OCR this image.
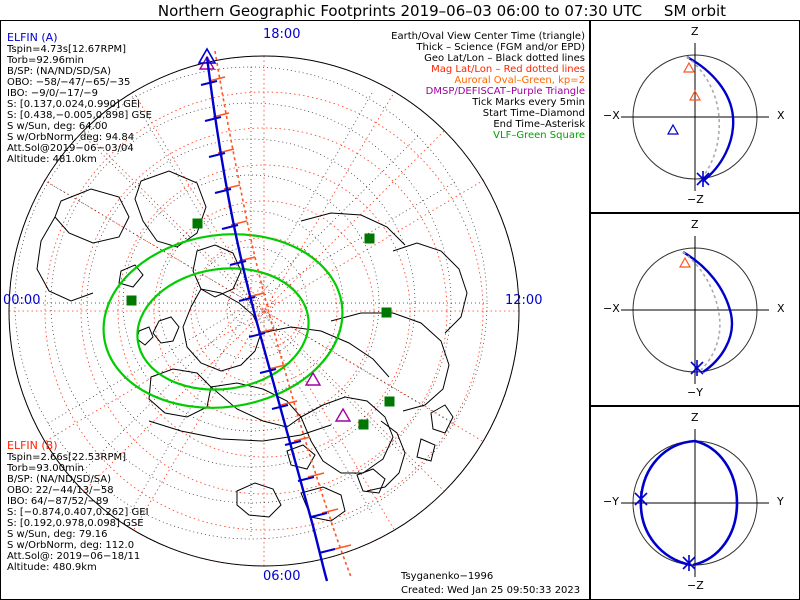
Northern Geographic Footprints 2019–06–03 06:00 to 07:30 UTC	SM orbit
18:00
12:00
06:00
00:00
Earth/Oval View Center Time (triangle)
Thick – Science (FGM and/or EPD)
Geo Lat/Lon – Black dotted lines
Mag Lat/Lon – Red dotted lines
Auroral Oval–Green, kp=2
DMSP/DEFISCAT–Purple Triangle
Tick Marks every 5min
Start Time–Diamond
End Time–Asterisk
VLF–Green Square
ELFIN (A)
Tspin=4.73s[12.67RPM]
Torb=92.96min
B/SP: (NA/ND/SD/SA)
OBO: −58/−47/−65/−35
IBO: −9/0/−17/−9
S: [0.137,0.024,0.990] GEI
S: [0.438,−0.005,0.898] GSE
S w/Sun, deg: 64.00
S w/OrbNorm, deg: 94.84
Att.Sol@2019−06−03/04
Altitude: 481.0km
ELFIN (B)
Tspin=2.66s[22.53RPM]
Torb=93.00min
B/SP: (NA/ND/SD/SA)
OBO: 22/−44/13/−58
IBO: 64/−87/52/−89
S: [−0.874,0.407,0.262] GEI
S: [0.192,0.978,0.098] GSE
S w/Sun, deg: 79.16
S w/OrbNorm, deg: 112.0
Att.Sol@: 2019−06−18/11
Altitude: 480.9km
Tsyganenko−1996
Created: Wed Jan 25 09:50:33 2023
Z
−Z
−X	X
Z
−Y
−X	X
Z
−Z
−Y	Y
